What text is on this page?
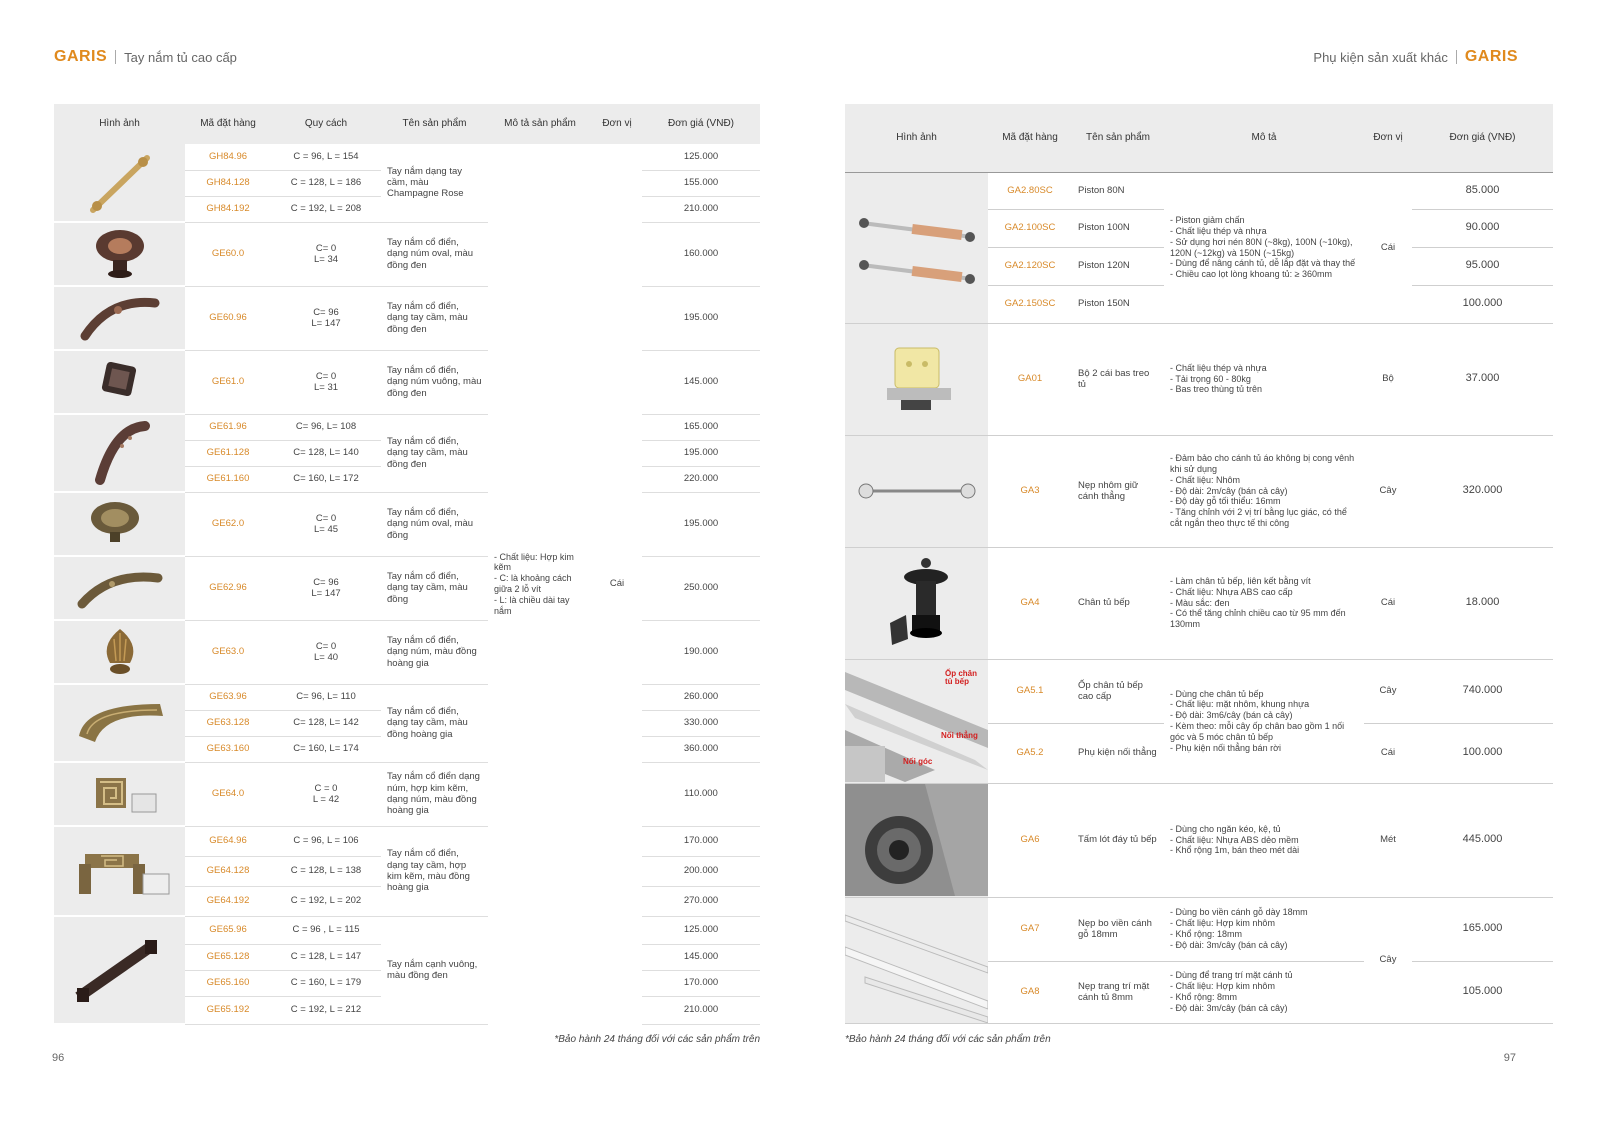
GARIS Tay nắm tủ cao cấp
Hình ảnh	Mã đặt hàng	Quy cách	Tên sản phẩm	Mô tả sản phẩm	Đơn vị	Đơn giá (VNĐ)

	GH84.96	C = 96, L = 154	Tay nắm dạng tay cầm, màu Champagne Rose	- Chất liệu: Hợp kim kẽm
- C: là khoảng cách giữa 2 lỗ vít
- L: là chiều dài tay nắm	Cái	125.000
	GH84.128	C = 128, L = 186				155.000
	GH84.192	C = 192, L = 208				210.000

	GE60.0	C= 0
L= 34	Tay nắm cổ điển, dạng núm oval, màu đồng đen			160.000

	GE60.96	C= 96
L= 147	Tay nắm cổ điển, dạng tay cầm, màu đồng đen			195.000

	GE61.0	C= 0
L= 31	Tay nắm cổ điển, dạng núm vuông, màu đồng đen			145.000

	GE61.96	C= 96, L= 108	Tay nắm cổ điển, dạng tay cầm, màu đồng đen			165.000
	GE61.128	C= 128, L= 140				195.000
	GE61.160	C= 160, L= 172				220.000

	GE62.0	C= 0
L= 45	Tay nắm cổ điển, dạng núm oval, màu đồng			195.000

	GE62.96	C= 96
L= 147	Tay nắm cổ điển, dạng tay cầm, màu đồng			250.000

	GE63.0	C= 0
L= 40	Tay nắm cổ điển, dạng núm, màu đồng hoàng gia			190.000

	GE63.96	C= 96, L= 110	Tay nắm cổ điển, dạng tay cầm, màu đồng hoàng gia			260.000
	GE63.128	C= 128, L= 142				330.000
	GE63.160	C= 160, L= 174				360.000

	GE64.0	C = 0
L = 42	Tay nắm cổ điển dạng núm, hợp kim kẽm, dạng núm, màu đồng hoàng gia			110.000

	GE64.96	C = 96, L = 106	Tay nắm cổ điển, dạng tay cầm, hợp kim kẽm, màu đồng hoàng gia			170.000
	GE64.128	C = 128, L = 138				200.000
	GE64.192	C = 192, L = 202				270.000

	GE65.96	C = 96 , L = 115	Tay nắm cạnh vuông, màu đồng đen			125.000
	GE65.128	C = 128, L = 147				145.000
	GE65.160	C = 160, L = 179				170.000
	GE65.192	C = 192, L = 212				210.000
*Bảo hành 24 tháng đối với các sản phẩm trên
96
Phụ kiện sản xuất khác GARIS
Hình ảnh	Mã đặt hàng	Tên sản phẩm	Mô tả	Đơn vị	Đơn giá (VNĐ)

	GA2.80SC	Piston 80N	- Piston giảm chấn
- Chất liệu thép và nhựa
- Sử dụng hơi nén 80N (~8kg), 100N (~10kg), 120N (~12kg) và 150N (~15kg)
- Dùng để nâng cánh tủ, dễ lắp đặt và thay thế
- Chiều cao lọt lòng khoang tủ: ≥ 360mm	Cái	85.000
	GA2.100SC	Piston 100N			90.000
	GA2.120SC	Piston 120N			95.000
	GA2.150SC	Piston 150N			100.000

	GA01	Bộ 2 cái bas treo tủ	- Chất liệu thép và nhựa
- Tải trọng 60 - 80kg
- Bas treo thùng tủ trên	Bộ	37.000

	GA3	Nẹp nhôm giữ cánh thẳng	- Đảm bảo cho cánh tủ áo không bị cong vênh khi sử dụng
- Chất liệu: Nhôm
- Độ dài: 2m/cây (bán cả cây)
- Độ dày gỗ tối thiểu: 16mm
- Tăng chỉnh với 2 vị trí bằng lục giác, có thể cắt ngắn theo thực tế thi công	Cây	320.000

	GA4	Chân tủ bếp	- Làm chân tủ bếp, liên kết bằng vít
- Chất liệu: Nhựa ABS cao cấp
- Màu sắc: đen
- Có thể tăng chỉnh chiều cao từ 95 mm đến 130mm	Cái	18.000

Ốp chân tủ bếp
Nối thẳng
Nối góc	GA5.1	Ốp chân tủ bếp cao cấp	- Dùng che chân tủ bếp
- Chất liệu: mặt nhôm, khung nhựa
- Độ dài: 3m6/cây (bán cả cây)
- Kèm theo: mỗi cây ốp chân bao gồm 1 nối góc và 5 móc chân tủ bếp
- Phụ kiện nối thẳng bán rời	Cây	740.000
	GA5.2	Phụ kiện nối thẳng		Cái	100.000

	GA6	Tấm lót đáy tủ bếp	- Dùng cho ngăn kéo, kệ, tủ
- Chất liệu: Nhựa ABS dẻo mềm
- Khổ rộng 1m, bán theo mét dài	Mét	445.000

	GA7	Nẹp bo viền cánh gỗ 18mm	- Dùng bo viền cánh gỗ dày 18mm
- Chất liệu: Hợp kim nhôm
- Khổ rộng: 18mm
- Độ dài: 3m/cây (bán cả cây)	Cây	165.000
	GA8	Nẹp trang trí mặt cánh tủ 8mm	- Dùng để trang trí mặt cánh tủ
- Chất liệu: Hợp kim nhôm
- Khổ rộng: 8mm
- Độ dài: 3m/cây (bán cả cây)		105.000
*Bảo hành 24 tháng đối với các sản phẩm trên
97
